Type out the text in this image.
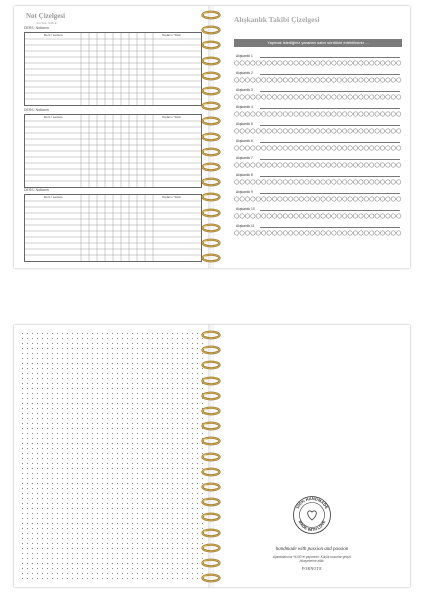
Not Çizelgesi
SCORE TABLE
DERS: Notlarım
Ders / Lecture	Toplam / Total
DERS: Notlarım
Ders / Lecture	Toplam / Total
DERS: Notlarım
Ders / Lecture	Toplam / Total
Alışkanlık Takibi Çizelgesi
Yapmak istediğiniz yararları satırı sürdükle edebilirsiniz ...
Alışkanlık 1
Alışkanlık 2
Alışkanlık 3
Alışkanlık 4
Alışkanlık 5
Alışkanlık 6
Alışkanlık 7
Alışkanlık 8
Alışkanlık 9
Alışkanlık 10
Alışkanlık 11
100% HANDMADE
MADE WITH LOVE
handmade with passion and passion
Ajandalarımız %100 el yapımıdır. Küçük kusurlar giriş/ü hikayelerine aittir.
FORNOTE
